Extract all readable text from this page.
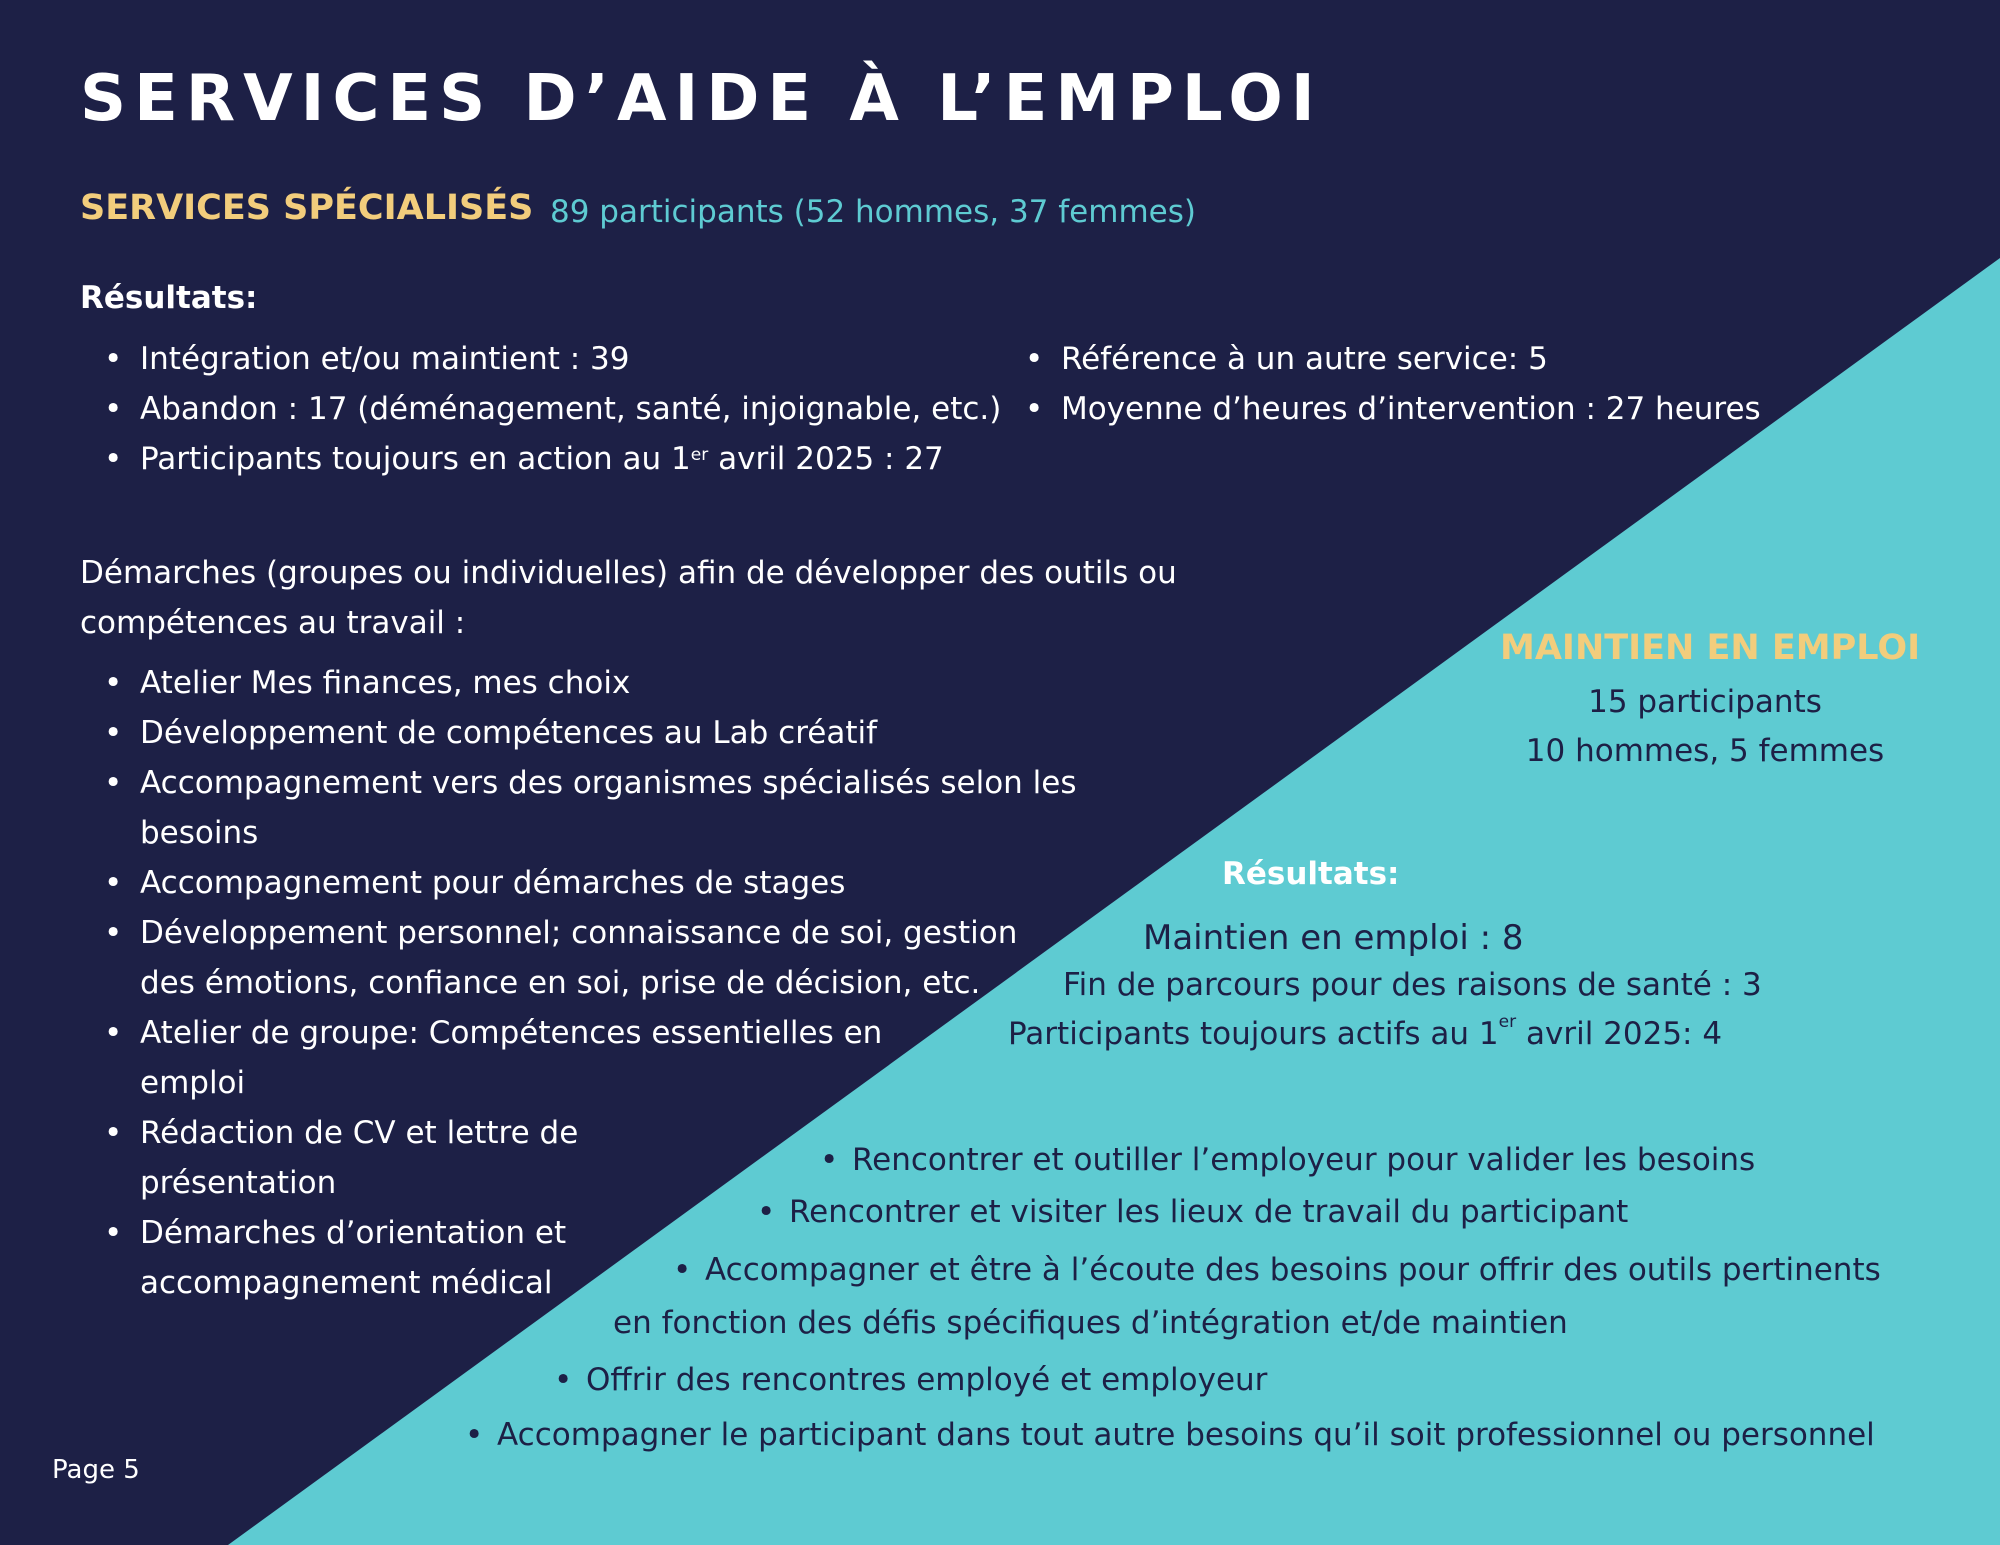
SERVICES D’AIDE À L’EMPLOI
SERVICES SPÉCIALISÉS 89 participants (52 hommes, 37 femmes)
Résultats:
• Intégration et/ou maintient : 39
• Abandon : 17 (déménagement, santé, injoignable, etc.)
• Participants toujours en action au 1er avril 2025 : 27
• Référence à un autre service: 5
• Moyenne d’heures d’intervention : 27 heures
Démarches (groupes ou individuelles) afin de développer des outils ou compétences au travail :
• Atelier Mes finances, mes choix
• Développement de compétences au Lab créatif
• Accompagnement vers des organismes spécialisés selon les besoins
• Accompagnement pour démarches de stages
• Développement personnel; connaissance de soi, gestion des émotions, confiance en soi, prise de décision, etc.
• Atelier de groupe: Compétences essentielles en emploi
• Rédaction de CV et lettre de présentation
• Démarches d’orientation et accompagnement médical
MAINTIEN EN EMPLOI
15 participants
10 hommes, 5 femmes
Résultats:
Maintien en emploi : 8
Fin de parcours pour des raisons de santé : 3
Participants toujours actifs au 1er avril 2025: 4
• Rencontrer et outiller l’employeur pour valider les besoins
• Rencontrer et visiter les lieux de travail du participant
• Accompagner et être à l’écoute des besoins pour offrir des outils pertinents
en fonction des défis spécifiques d’intégration et/de maintien
• Offrir des rencontres employé et employeur
• Accompagner le participant dans tout autre besoins qu’il soit professionnel ou personnel
Page 5
